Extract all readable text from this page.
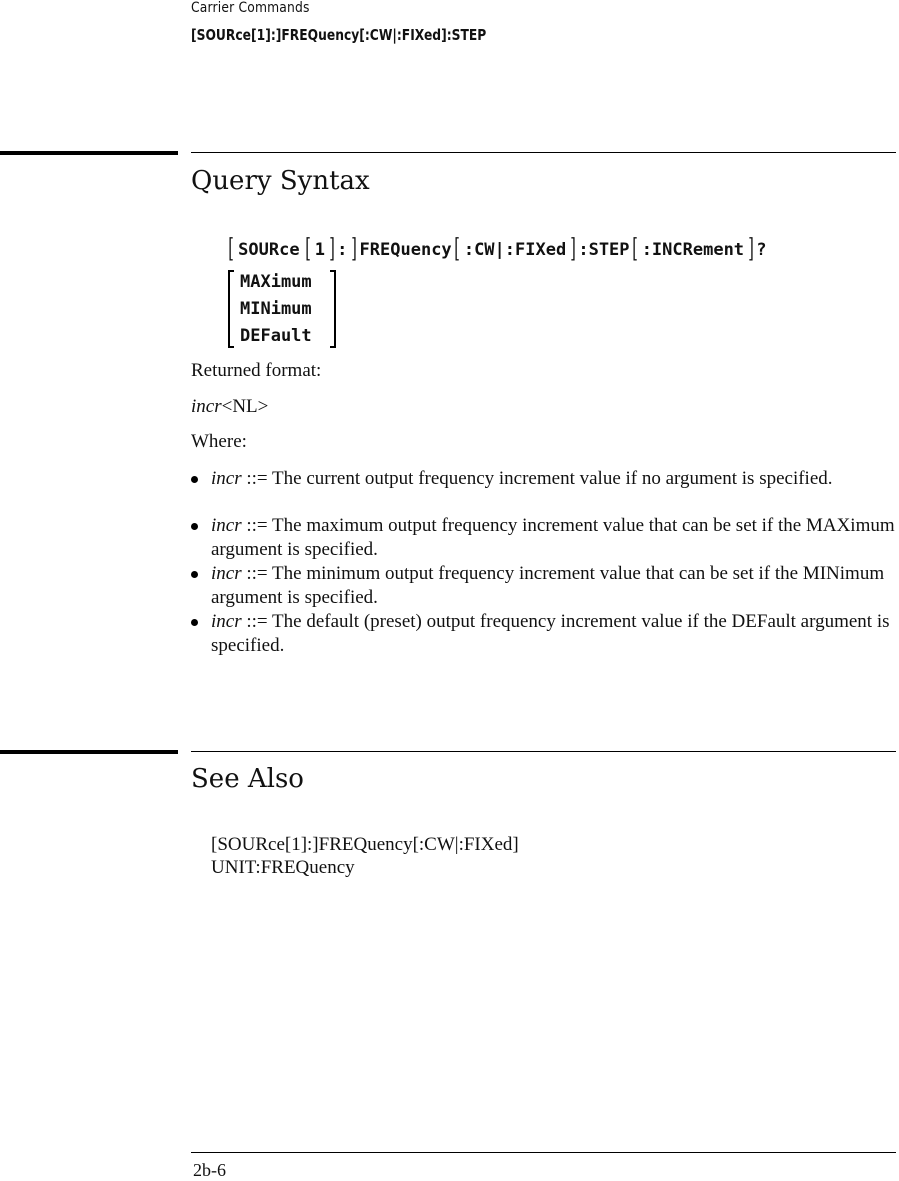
Carrier Commands
[SOURce[1]:]FREQuency[:CW|:FIXed]:STEP
Query Syntax
[ SOURce [ 1 ] : ] FREQuency [ :CW|:FIXed ] :STEP [ :INCRement ] ?
MAXimum
MINimum
DEFault
Returned format:
incr<NL>
Where:
incr ::= The current output frequency increment value if no argument is specified.
incr ::= The maximum output frequency increment value that can be set if the MAXimum argument is specified.
incr ::= The minimum output frequency increment value that can be set if the MINimum argument is specified.
incr ::= The default (preset) output frequency increment value if the DEFault argument is specified.
See Also
[SOURce[1]:]FREQuency[:CW|:FIXed]
UNIT:FREQuency
2b-6
